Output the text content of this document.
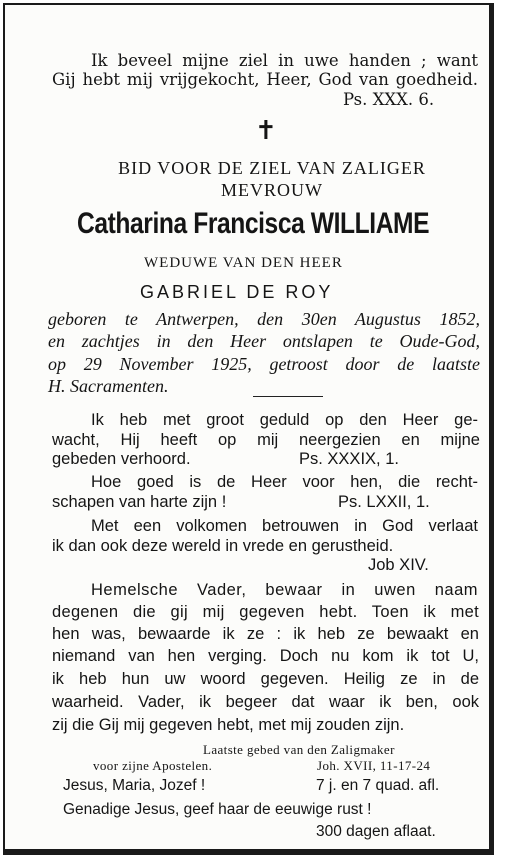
Ik beveel mijne ziel in uwe handen ; want
Gij hebt mij vrijgekocht, Heer, God van goedheid.
Ps. XXX. 6.
✝
BID VOOR DE ZIEL VAN ZALIGER
MEVROUW
Catharina Francisca WILLIAME
WEDUWE VAN DEN HEER
GABRIEL DE ROY
geboren te Antwerpen, den 30en Augustus 1852,
en zachtjes in den Heer ontslapen te Oude-God,
op 29 November 1925, getroost door de laatste
H. Sacramenten.
Ik heb met groot geduld op den Heer ge-
wacht, Hij heeft op mij neergezien en mijne
gebeden verhoord.	Ps. XXXIX, 1.
Hoe goed is de Heer voor hen, die recht-
schapen van harte zijn !	Ps. LXXII, 1.
Met een volkomen betrouwen in God verlaat
ik dan ook deze wereld in vrede en gerustheid.
Job XIV.
Hemelsche Vader, bewaar in uwen naam
degenen die gij mij gegeven hebt. Toen ik met
hen was, bewaarde ik ze : ik heb ze bewaakt en
niemand van hen verging. Doch nu kom ik tot U,
ik heb hun uw woord gegeven. Heilig ze in de
waarheid. Vader, ik begeer dat waar ik ben, ook
zij die Gij mij gegeven hebt, met mij zouden zijn.
Laatste gebed van den Zaligmaker
voor zijne Apostelen.	Joh. XVII, 11-17-24
Jesus, Maria, Jozef !	7 j. en 7 quad. afl.
Genadige Jesus, geef haar de eeuwige rust !
300 dagen aflaat.
